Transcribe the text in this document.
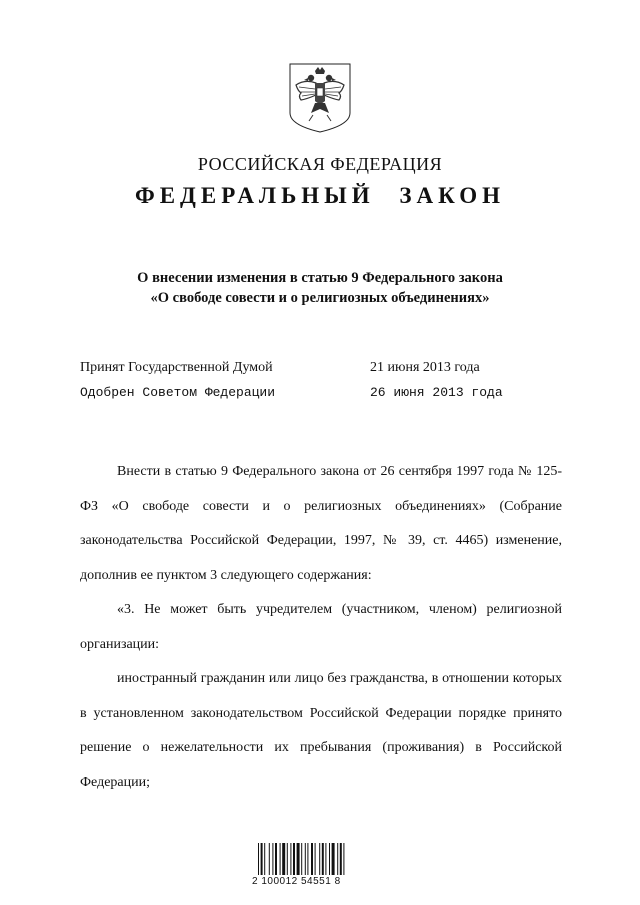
РОССИЙСКАЯ ФЕДЕРАЦИЯ
ФЕДЕРАЛЬНЫЙ ЗАКОН
О внесении изменения в статью 9 Федерального закона
«О свободе совести и о религиозных объединениях»
Принят Государственной Думой	21 июня 2013 года
Одобрен Советом Федерации	26 июня 2013 года

Внести в статью 9 Федерального закона от 26 сентября 1997 года № 125-ФЗ «О свободе совести и о религиозных объединениях» (Собрание законодательства Российской Федерации, 1997, № 39, ст. 4465) изменение, дополнив ее пунктом 3 следующего содержания:

«3. Не может быть учредителем (участником, членом) религиозной организации:

иностранный гражданин или лицо без гражданства, в отношении которых в установленном законодательством Российской Федерации порядке принято решение о нежелательности их пребывания (проживания) в Российской Федерации;

2 100012 54551 8
